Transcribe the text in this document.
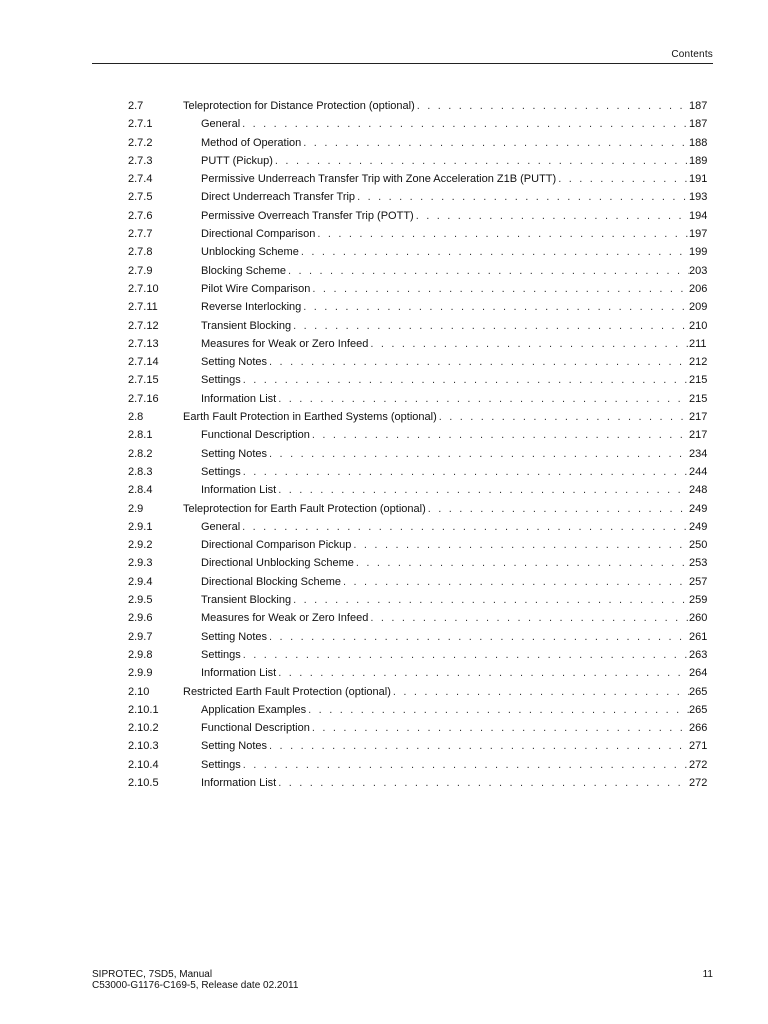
Contents
2.7	Teleprotection for Distance Protection (optional) . . .	187
2.7.1	General . . .	187
2.7.2	Method of Operation . . .	188
2.7.3	PUTT (Pickup) . . .	189
2.7.4	Permissive Underreach Transfer Trip with Zone Acceleration Z1B (PUTT) . . .	191
2.7.5	Direct Underreach Transfer Trip . . .	193
2.7.6	Permissive Overreach Transfer Trip (POTT) . . .	194
2.7.7	Directional Comparison . . .	197
2.7.8	Unblocking Scheme . . .	199
2.7.9	Blocking Scheme . . .	203
2.7.10	Pilot Wire Comparison . . .	206
2.7.11	Reverse Interlocking . . .	209
2.7.12	Transient Blocking . . .	210
2.7.13	Measures for Weak or Zero Infeed . . .	211
2.7.14	Setting Notes . . .	212
2.7.15	Settings . . .	215
2.7.16	Information List . . .	215
2.8	Earth Fault Protection in Earthed Systems (optional) . . .	217
2.8.1	Functional Description . . .	217
2.8.2	Setting Notes . . .	234
2.8.3	Settings . . .	244
2.8.4	Information List . . .	248
2.9	Teleprotection for Earth Fault Protection (optional) . . .	249
2.9.1	General . . .	249
2.9.2	Directional Comparison Pickup . . .	250
2.9.3	Directional Unblocking Scheme . . .	253
2.9.4	Directional Blocking Scheme . . .	257
2.9.5	Transient Blocking . . .	259
2.9.6	Measures for Weak or Zero Infeed . . .	260
2.9.7	Setting Notes . . .	261
2.9.8	Settings . . .	263
2.9.9	Information List . . .	264
2.10	Restricted Earth Fault Protection (optional) . . .	265
2.10.1	Application Examples . . .	265
2.10.2	Functional Description . . .	266
2.10.3	Setting Notes . . .	271
2.10.4	Settings . . .	272
2.10.5	Information List . . .	272
SIPROTEC, 7SD5, Manual
C53000-G1176-C169-5, Release date 02.2011
11
